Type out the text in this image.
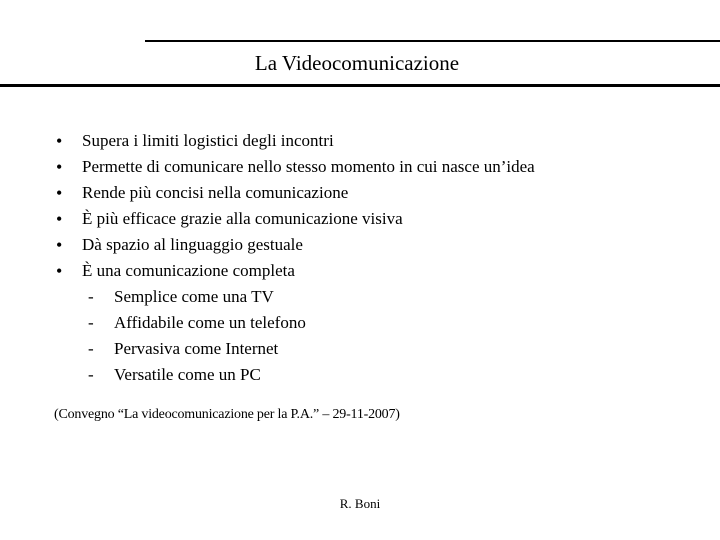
La Videocomunicazione
• Supera i limiti logistici degli incontri
• Permette di comunicare nello stesso momento in cui nasce un’idea
• Rende più concisi nella comunicazione
• È più efficace grazie alla comunicazione visiva
• Dà spazio al linguaggio gestuale
• È una comunicazione completa
- Semplice come una TV
- Affidabile come un telefono
- Pervasiva come Internet
- Versatile come un PC
(Convegno “La videocomunicazione per la P.A.” – 29-11-2007)
R. Boni
